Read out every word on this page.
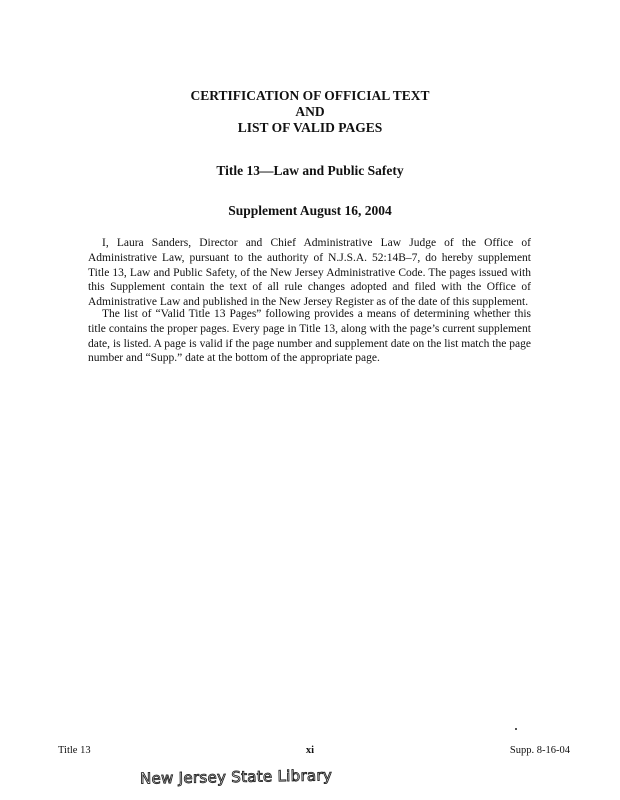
CERTIFICATION OF OFFICIAL TEXT
AND
LIST OF VALID PAGES
Title 13—Law and Public Safety
Supplement August 16, 2004

I, Laura Sanders, Director and Chief Administrative Law Judge of the Office of Administrative Law, pursuant to the authority of N.J.S.A. 52:14B–7, do hereby supplement Title 13, Law and Public Safety, of the New Jersey Administrative Code. The pages issued with this Supplement contain the text of all rule changes adopted and filed with the Office of Administrative Law and published in the New Jersey Register as of the date of this supplement.

The list of “Valid Title 13 Pages” following provides a means of determining whether this title contains the proper pages. Every page in Title 13, along with the page’s current supplement date, is listed. A page is valid if the page number and supplement date on the list match the page number and “Supp.” date at the bottom of the appropriate page.

Title 13	xi	Supp. 8-16-04
New Jersey State Library
